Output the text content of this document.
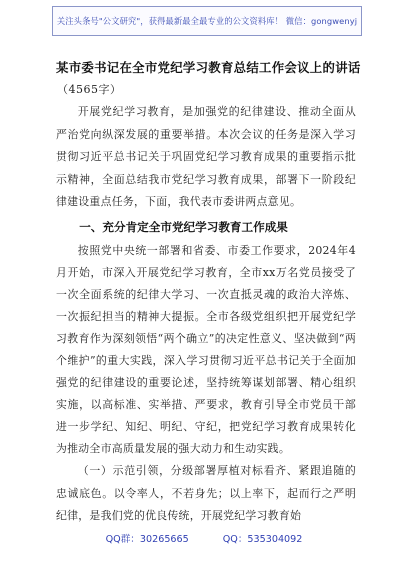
关注头条号"公文研究"，获得最新最全最专业的公文资料库！ 微信：gongwenyj
某市委书记在全市党纪学习教育总结工作会议上的讲话
（4565字）

开展党纪学习教育，是加强党的纪律建设、推动全面从严治党向纵深发展的重要举措。本次会议的任务是深入学习贯彻习近平总书记关于巩固党纪学习教育成果的重要指示批示精神，全面总结我市党纪学习教育成果，部署下一阶段纪律建设重点任务，下面，我代表市委讲两点意见。

一、充分肯定全市党纪学习教育工作成果

按照党中央统一部署和省委、市委工作要求，2024年4月开始，市深入开展党纪学习教育，全市xx万名党员接受了一次全面系统的纪律大学习、一次直抵灵魂的政治大淬炼、一次振纪担当的精神大提振。全市各级党组织把开展党纪学习教育作为深刻领悟“两个确立”的决定性意义、坚决做到“两个维护”的重大实践，深入学习贯彻习近平总书记关于全面加强党的纪律建设的重要论述，坚持统筹谋划部署、精心组织实施，以高标准、实举措、严要求，教育引导全市党员干部进一步学纪、知纪、明纪、守纪，把党纪学习教育成果转化为推动全市高质量发展的强大动力和生动实践。

（一）示范引领，分级部署厚植对标看齐、紧跟追随的忠诚底色。以令率人，不若身先；以上率下，起而行之严明纪律，是我们党的优良传统，开展党纪学习教育始

QQ群：30265665	QQ：535304092
